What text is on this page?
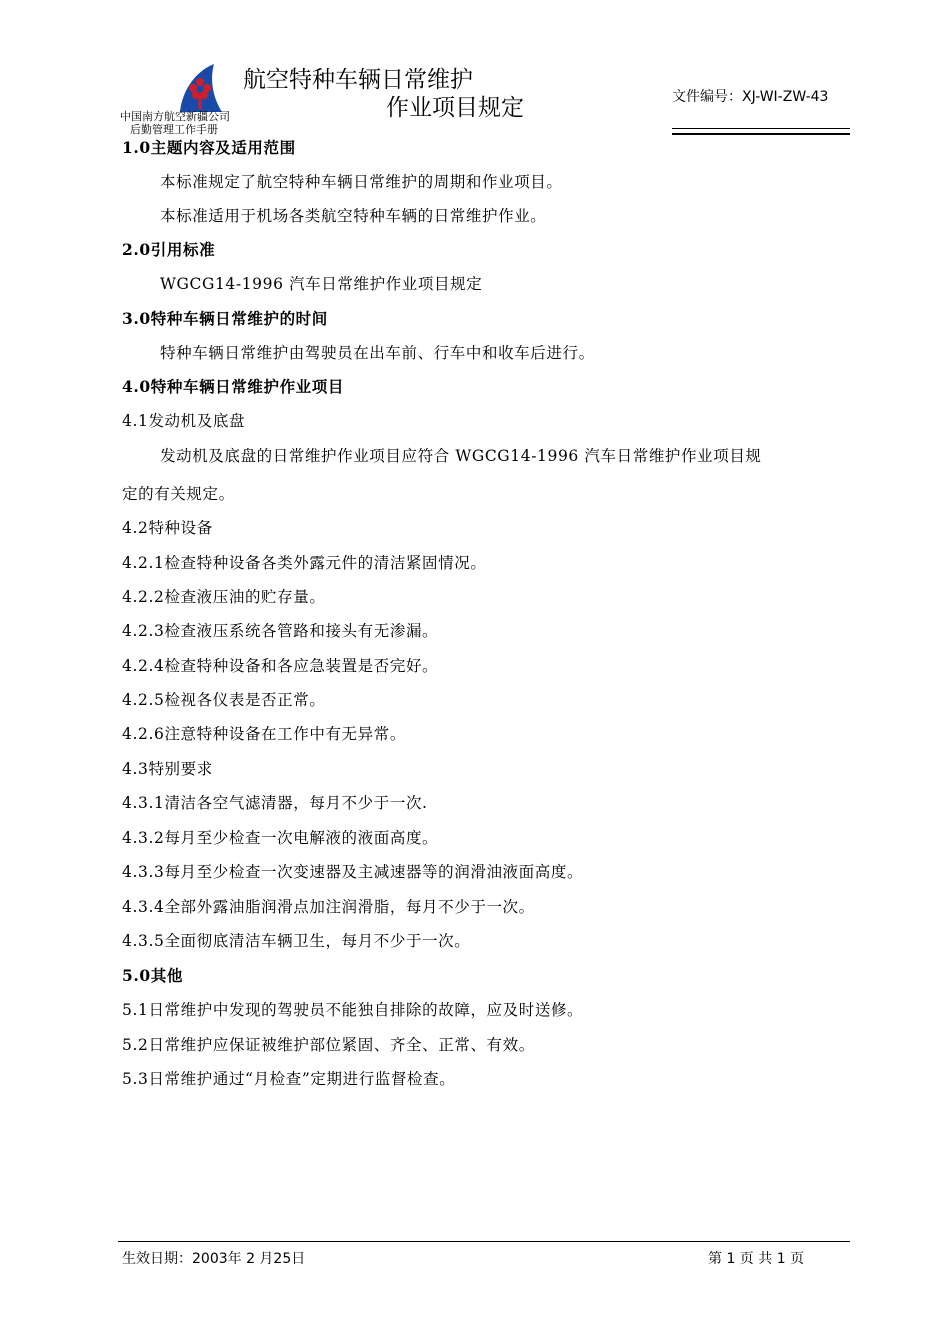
中国南方航空新疆公司
后勤管理工作手册
航空特种车辆日常维护
作业项目规定	文件编号：XJ-WI-ZW-43
1.0主题内容及适用范围
本标准规定了航空特种车辆日常维护的周期和作业项目。
本标准适用于机场各类航空特种车辆的日常维护作业。
2.0引用标准
WGCG14-1996 汽车日常维护作业项目规定
3.0特种车辆日常维护的时间
特种车辆日常维护由驾驶员在出车前、行车中和收车后进行。
4.0特种车辆日常维护作业项目
4.1发动机及底盘
发动机及底盘的日常维护作业项目应符合 WGCG14-1996 汽车日常维护作业项目规
定的有关规定。
4.2特种设备
4.2.1检查特种设备各类外露元件的清洁紧固情况。
4.2.2检查液压油的贮存量。
4.2.3检查液压系统各管路和接头有无渗漏。
4.2.4检查特种设备和各应急装置是否完好。
4.2.5检视各仪表是否正常。
4.2.6注意特种设备在工作中有无异常。
4.3特别要求
4.3.1清洁各空气滤清器，每月不少于一次.
4.3.2每月至少检查一次电解液的液面高度。
4.3.3每月至少检查一次变速器及主减速器等的润滑油液面高度。
4.3.4全部外露油脂润滑点加注润滑脂，每月不少于一次。
4.3.5全面彻底清洁车辆卫生，每月不少于一次。
5.0其他
5.1日常维护中发现的驾驶员不能独自排除的故障，应及时送修。
5.2日常维护应保证被维护部位紧固、齐全、正常、有效。
5.3日常维护通过“月检查”定期进行监督检查。
生效日期：2003年 2 月25日	第 1 页 共 1 页
